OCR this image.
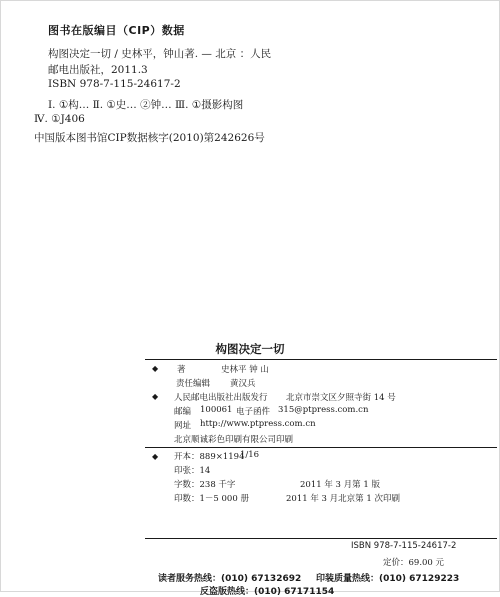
图书在版编目（CIP）数据
构图决定一切 / 史林平，钟山著. — 北京 ：人民
邮电出版社，2011.3
ISBN 978-7-115-24617-2
Ⅰ. ①构… Ⅱ. ①史… ②钟… Ⅲ. ①摄影构图
Ⅳ. ①J406
中国版本图书馆CIP数据核字(2010)第242626号
构图决定一切
◆ 著	史林平 钟 山
责任编辑 黄汉兵
◆ 人民邮电出版社出版发行 北京市崇文区夕照寺街 14 号
邮编 100061 电子函件 315@ptpress.com.cn
网址 http://www.ptpress.com.cn
北京顺诚彩色印刷有限公司印刷
◆ 开本：889×1194
1/16
印张：14
字数：238 千字	2011 年 3 月第 1 版
印数：1－5 000 册	2011 年 3 月北京第 1 次印刷
ISBN 978-7-115-24617-2
定价：69.00 元
读者服务热线：(010) 67132692 印装质量热线：(010) 67129223
反盗版热线：(010) 67171154
